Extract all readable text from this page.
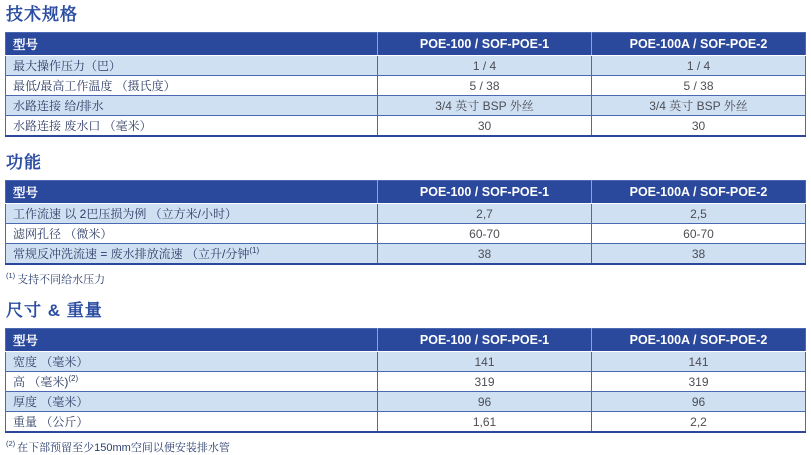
技术规格
型号	POE-100 / SOF-POE-1	POE-100A / SOF-POE-2
最大操作压力（巴）	1 / 4	1 / 4
最低/最高工作温度 （摄氏度）	5 / 38	5 / 38
水路连接 给/排水	3/4 英寸 BSP 外丝	3/4 英寸 BSP 外丝
水路连接 废水口 （毫米）	30	30
功能
型号	POE-100 / SOF-POE-1	POE-100A / SOF-POE-2
工作流速 以 2巴压损为例 （立方米/小时）	2,7	2,5
滤网孔径 （微米）	60-70	60-70
常规反冲洗流速 = 废水排放流速 （立升/分钟$^{(1)}$	38	38

$^{(1)}$ 支持不同给水压力

尺寸 & 重量
型号	POE-100 / SOF-POE-1	POE-100A / SOF-POE-2
宽度 （毫米）	141	141
高 （毫米)$^{(2)}$	319	319
厚度 （毫米）	96	96
重量 （公斤）	1,61	2,2

$^{(2)}$ 在下部预留至少150mm空间以便安装排水管
